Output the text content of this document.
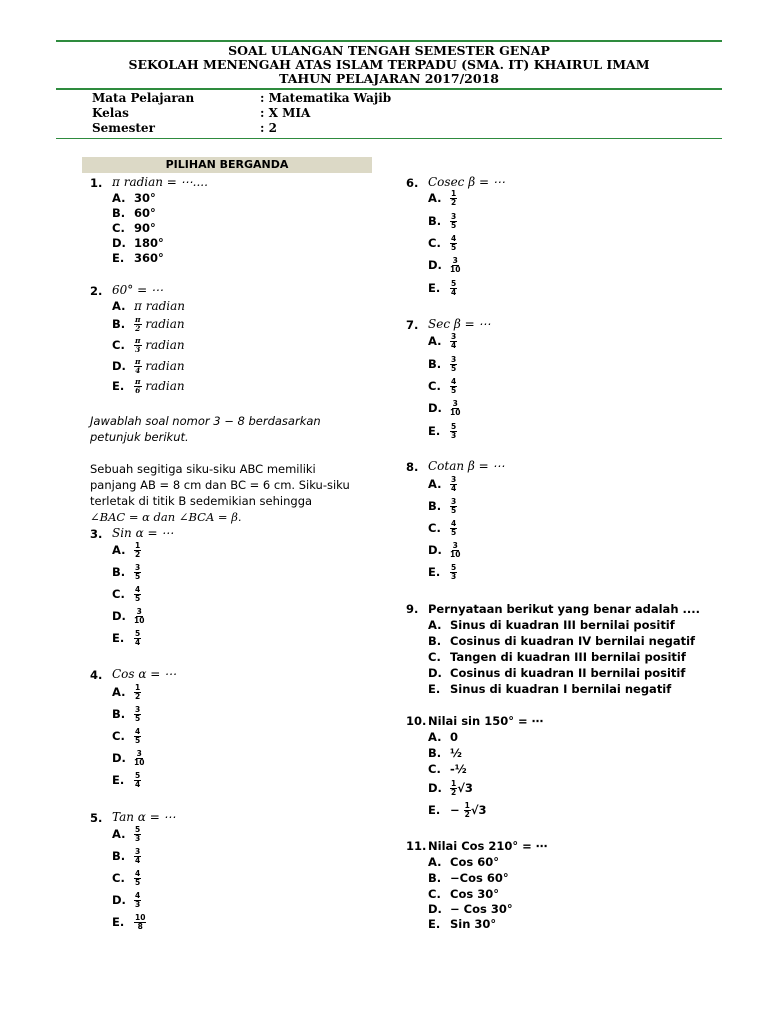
SOAL ULANGAN TENGAH SEMESTER GENAP
SEKOLAH MENENGAH ATAS ISLAM TERPADU (SMA. IT) KHAIRUL IMAM
TAHUN PELAJARAN 2017/2018
Mata Pelajaran	: Matematika Wajib
Kelas	: X MIA
Semester	: 2
PILIHAN BERGANDA
1. π radian = ⋯....
A. 30°
B. 60°
C. 90°
D. 180°
E. 360°
2. 60° = ⋯
A. π radian
B. $\frac{\pi}{2}$ radian
C. $\frac{\pi}{3}$ radian
D. $\frac{\pi}{4}$ radian
E. $\frac{\pi}{6}$ radian
Jawablah soal nomor 3 − 8 berdasarkan
petunjuk berikut.
Sebuah segitiga siku-siku ABC memiliki
panjang AB = 8 cm dan BC = 6 cm. Siku-siku
terletak di titik B sedemikian sehingga
∠BAC = α dan ∠BCA = β.
3. Sin α = ⋯
A. $\frac{1}{2}$
B. $\frac{3}{5}$
C. $\frac{4}{5}$
D. $\frac{3}{10}$
E. $\frac{5}{4}$
4. Cos α = ⋯
A. $\frac{1}{2}$
B. $\frac{3}{5}$
C. $\frac{4}{5}$
D. $\frac{3}{10}$
E. $\frac{5}{4}$
5. Tan α = ⋯
A. $\frac{5}{3}$
B. $\frac{3}{4}$
C. $\frac{4}{5}$
D. $\frac{4}{3}$
E. $\frac{10}{8}$
6. Cosec β = ⋯
A. $\frac{1}{2}$
B. $\frac{3}{5}$
C. $\frac{4}{5}$
D. $\frac{3}{10}$
E. $\frac{5}{4}$
7. Sec β = ⋯
A. $\frac{3}{4}$
B. $\frac{3}{5}$
C. $\frac{4}{5}$
D. $\frac{3}{10}$
E. $\frac{5}{3}$
8. Cotan β = ⋯
A. $\frac{3}{4}$
B. $\frac{3}{5}$
C. $\frac{4}{5}$
D. $\frac{3}{10}$
E. $\frac{5}{3}$
9. Pernyataan berikut yang benar adalah ....
A. Sinus di kuadran III bernilai positif
B. Cosinus di kuadran IV bernilai negatif
C. Tangen di kuadran III bernilai positif
D. Cosinus di kuadran II bernilai positif
E. Sinus di kuadran I bernilai negatif
10. Nilai sin 150° = ⋯
A. 0
B. ½
C. -½
D. $\frac{1}{2} √3$
E. − $\frac{1}{2} √3$
11. Nilai Cos 210° = ⋯
A. Cos 60°
B. −Cos 60°
C. Cos 30°
D. − Cos 30°
E. Sin 30°
